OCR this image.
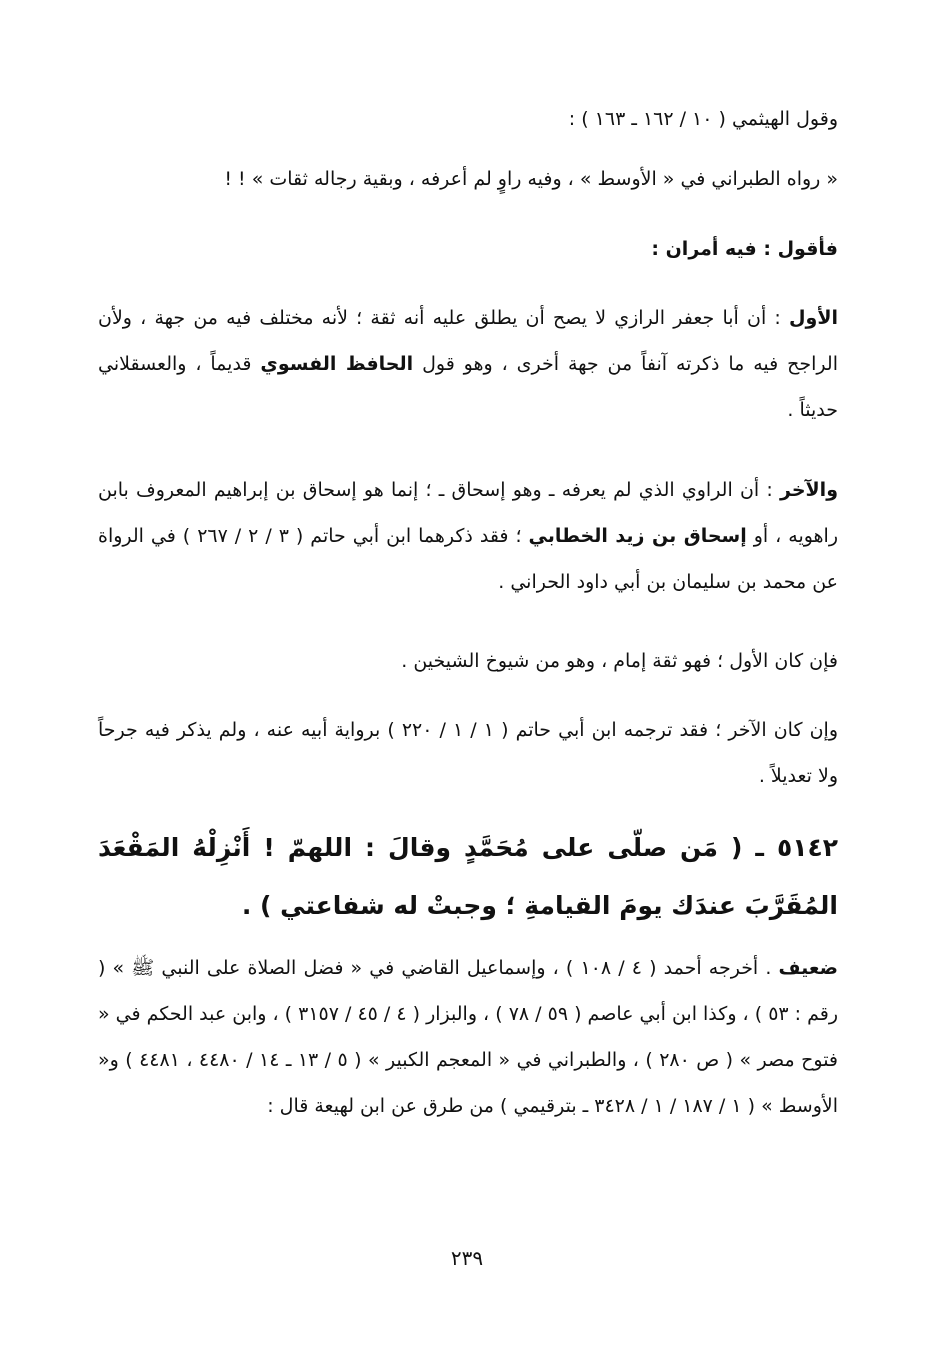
وقول الهيثمي ( ١٠ / ١٦٢ ـ ١٦٣ ) :

« رواه الطبراني في « الأوسط » ، وفيه راوٍ لم أعرفه ، وبقية رجاله ثقات » ! !

فأقول : فيه أمران :

الأول : أن أبا جعفر الرازي لا يصح أن يطلق عليه أنه ثقة ؛ لأنه مختلف فيه من جهة ، ولأن الراجح فيه ما ذكرته آنفاً من جهة أخرى ، وهو قول الحافظ الفسوي قديماً ، والعسقلاني حديثاً .

والآخر : أن الراوي الذي لم يعرفه ـ وهو إسحاق ـ ؛ إنما هو إسحاق بن إبراهيم المعروف بابن راهويه ، أو إسحاق بن زيد الخطابي ؛ فقد ذكرهما ابن أبي حاتم ( ٣ / ٢ / ٢٦٧ ) في الرواة عن محمد بن سليمان بن أبي داود الحراني .

فإن كان الأول ؛ فهو ثقة إمام ، وهو من شيوخ الشيخين .

وإن كان الآخر ؛ فقد ترجمه ابن أبي حاتم ( ١ / ١ / ٢٢٠ ) برواية أبيه عنه ، ولم يذكر فيه جرحاً ولا تعديلاً .

٥١٤٢ ـ ( مَن صلّى على مُحَمَّدٍ وقالَ : اللهمّ ! أَنْزِلْهُ المَقْعَدَ المُقَرَّبَ عندَك يومَ القيامةِ ؛ وجبتْ له شفاعتي ) .

ضعيف . أخرجه أحمد ( ٤ / ١٠٨ ) ، وإسماعيل القاضي في « فضل الصلاة على النبي ﷺ » ( رقم : ٥٣ ) ، وكذا ابن أبي عاصم ( ٥٩ / ٧٨ ) ، والبزار ( ٤ / ٤٥ / ٣١٥٧ ) ، وابن عبد الحكم في « فتوح مصر » ( ص ٢٨٠ ) ، والطبراني في « المعجم الكبير » ( ٥ / ١٣ ـ ١٤ / ٤٤٨٠ ، ٤٤٨١ ) و« الأوسط » ( ١ / ١٨٧ / ١ / ٣٤٢٨ ـ بترقيمي ) من طرق عن ابن لهيعة قال :

٢٣٩
